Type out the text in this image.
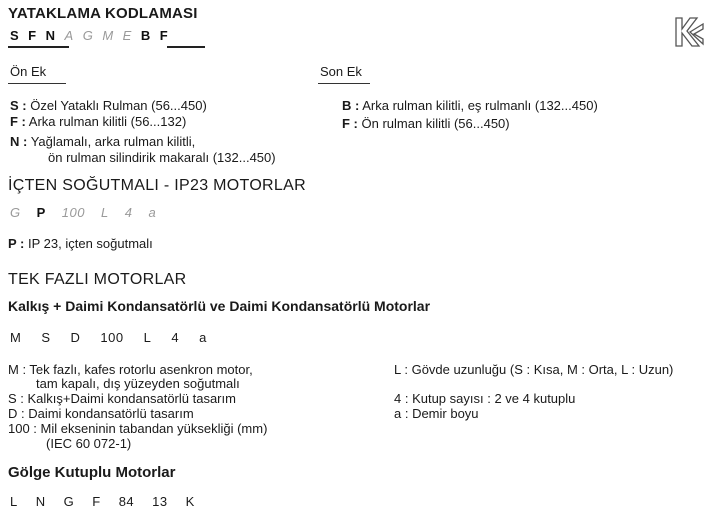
YATAKLAMA KODLAMASI
S F N A G M E B F
Ön Ek	Son Ek
S : Özel Yataklı Rulman (56...450)
F : Arka rulman kilitli (56...132)
N : Yağlamalı, arka rulman kilitli,
ön rulman silindirik makaralı (132...450)
B : Arka rulman kilitli, eş rulmanlı (132...450)
F : Ön rulman kilitli (56...450)
İÇTEN SOĞUTMALI - IP23 MOTORLAR
G P 100 L 4 a
P : IP 23, içten soğutmalı
TEK FAZLI MOTORLAR
Kalkış + Daimi Kondansatörlü ve Daimi Kondansatörlü Motorlar
M S D 100 L 4 a
M : Tek fazlı, kafes rotorlu asenkron motor,
tam kapalı, dış yüzeyden soğutmalı
S : Kalkış+Daimi kondansatörlü tasarım
D : Daimi kondansatörlü tasarım
100 : Mil ekseninin tabandan yüksekliği (mm)
(IEC 60 072-1)
L : Gövde uzunluğu (S : Kısa, M : Orta, L : Uzun)
4 : Kutup sayısı : 2 ve 4 kutuplu
a : Demir boyu
Gölge Kutuplu Motorlar
L N G F 84 13 K
